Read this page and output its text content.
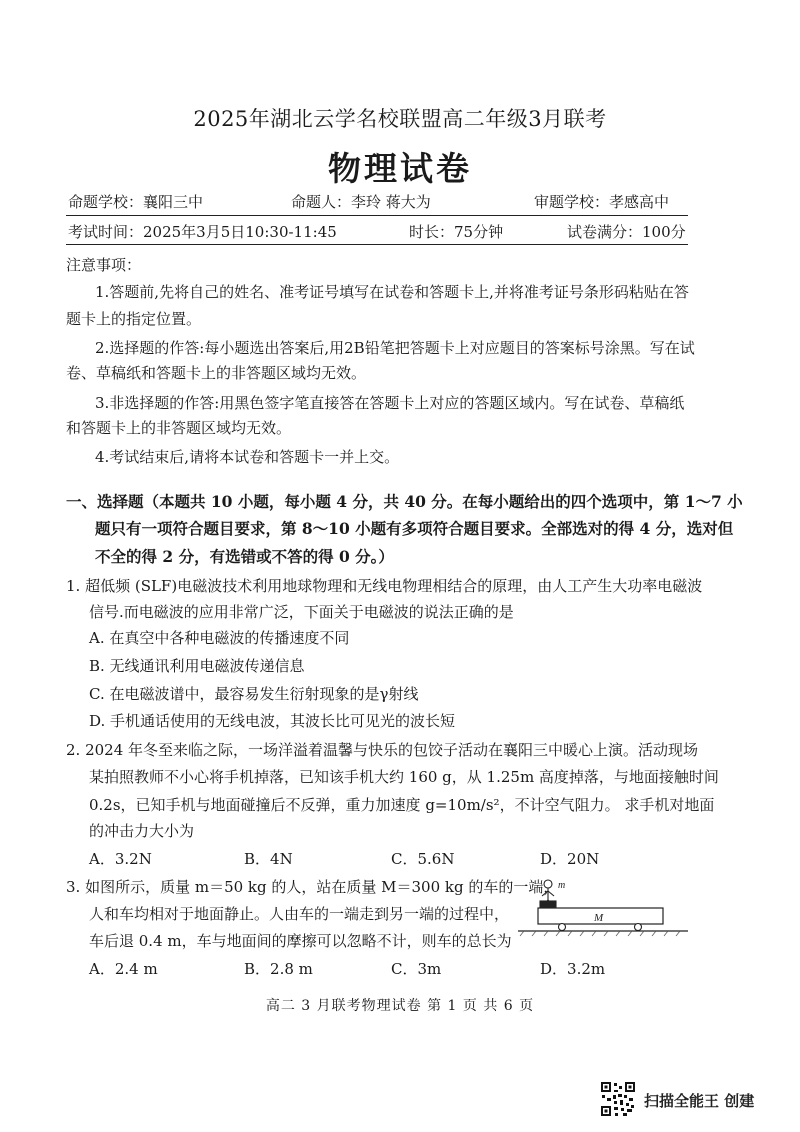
2025年湖北云学名校联盟高二年级3月联考
物理试卷
命题学校：襄阳三中	命题人：李玲 蒋大为	审题学校：孝感高中
考试时间：2025年3月5日10:30-11:45	时长：75分钟	试卷满分：100分
注意事项：
1.答题前,先将自己的姓名、准考证号填写在试卷和答题卡上,并将准考证号条形码粘贴在答
题卡上的指定位置。
2.选择题的作答:每小题选出答案后,用2B铅笔把答题卡上对应题目的答案标号涂黑。写在试
卷、草稿纸和答题卡上的非答题区域均无效。
3.非选择题的作答:用黑色签字笔直接答在答题卡上对应的答题区域内。写在试卷、草稿纸
和答题卡上的非答题区域均无效。
4.考试结束后,请将本试卷和答题卡一并上交。
一、选择题（本题共 10 小题，每小题 4 分，共 40 分。在每小题给出的四个选项中，第 1～7 小
题只有一项符合题目要求，第 8～10 小题有多项符合题目要求。全部选对的得 4 分，选对但
不全的得 2 分，有选错或不答的得 0 分。）
1. 超低频 (SLF)电磁波技术利用地球物理和无线电物理相结合的原理，由人工产生大功率电磁波
信号.而电磁波的应用非常广泛，下面关于电磁波的说法正确的是
A. 在真空中各种电磁波的传播速度不同
B. 无线通讯利用电磁波传递信息
C. 在电磁波谱中，最容易发生衍射现象的是γ射线
D. 手机通话使用的无线电波，其波长比可见光的波长短
2. 2024 年冬至来临之际，一场洋溢着温馨与快乐的包饺子活动在襄阳三中暖心上演。活动现场
某拍照教师不小心将手机掉落，已知该手机大约 160 g，从 1.25m 高度掉落，与地面接触时间
0.2s，已知手机与地面碰撞后不反弹，重力加速度 g=10m/s²，不计空气阻力。 求手机对地面
的冲击力大小为
A．3.2N	B．4N	C．5.6N	D．20N
3. 如图所示，质量 m＝50 kg 的人，站在质量 M＝300 kg 的车的一端，
人和车均相对于地面静止。人由车的一端走到另一端的过程中，
车后退 0.4 m，车与地面间的摩擦可以忽略不计，则车的总长为
A．2.4 m	B．2.8 m	C．3m	D．3.2m
m
M
高二 3 月联考物理试卷 第 1 页 共 6 页
扫描全能王 创建
